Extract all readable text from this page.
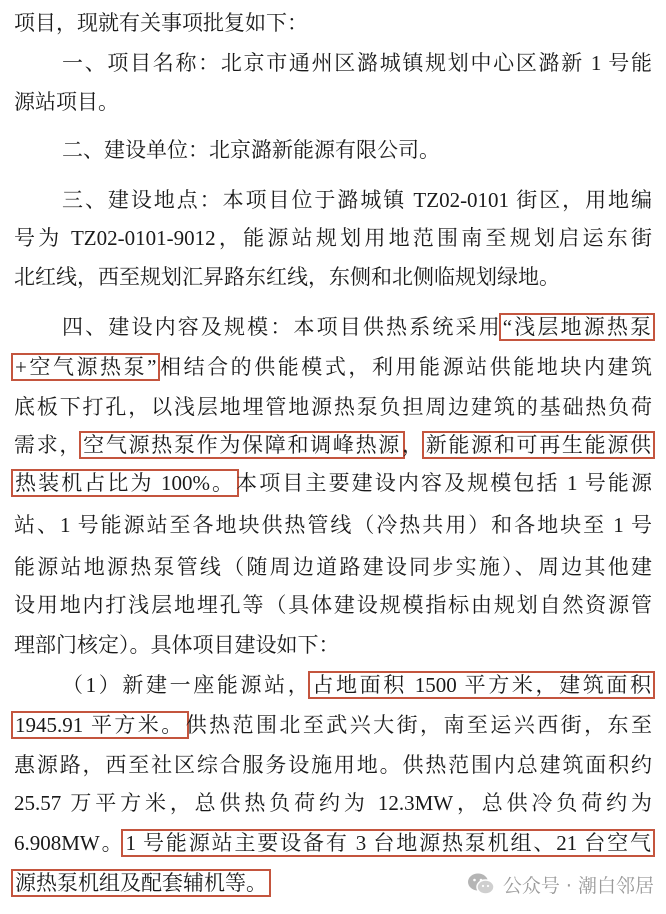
项目，现就有关事项批复如下：
一、项目名称：北京市通州区潞城镇规划中心区潞新 1 号能
源站项目。
二、建设单位：北京潞新能源有限公司。
三、建设地点：本项目位于潞城镇 TZ02-0101 街区，用地编
号为 TZ02-0101-9012，能源站规划用地范围南至规划启运东街
北红线，西至规划汇昇路东红线，东侧和北侧临规划绿地。
四、建设内容及规模：本项目供热系统采用“浅层地源热泵
+空气源热泵”相结合的供能模式，利用能源站供能地块内建筑
底板下打孔，以浅层地埋管地源热泵负担周边建筑的基础热负荷
需求，空气源热泵作为保障和调峰热源，新能源和可再生能源供
热装机占比为 100%。本项目主要建设内容及规模包括 1 号能源
站、1 号能源站至各地块供热管线（冷热共用）和各地块至 1 号
能源站地源热泵管线（随周边道路建设同步实施）、周边其他建
设用地内打浅层地埋孔等（具体建设规模指标由规划自然资源管
理部门核定）。具体项目建设如下：
（1）新建一座能源站，占地面积 1500 平方米，建筑面积
1945.91 平方米。供热范围北至武兴大街，南至运兴西街，东至
惠源路，西至社区综合服务设施用地。供热范围内总建筑面积约
25.57 万平方米，总供热负荷约为 12.3MW，总供冷负荷约为
6.908MW。1 号能源站主要设备有 3 台地源热泵机组、21 台空气
源热泵机组及配套辅机等。	公众号 · 潮白邻居
